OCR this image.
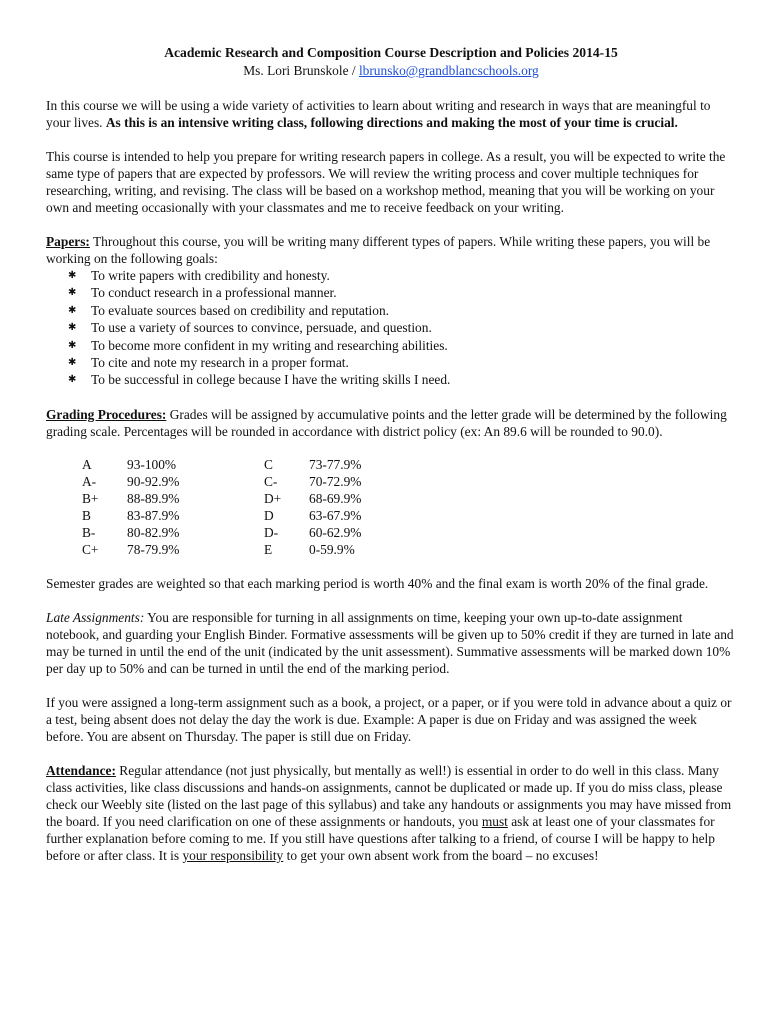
Academic Research and Composition Course Description and Policies 2014-15
Ms. Lori Brunskole / lbrunsko@grandblancschools.org

In this course we will be using a wide variety of activities to learn about writing and research in ways that are meaningful to your lives. As this is an intensive writing class, following directions and making the most of your time is crucial.

This course is intended to help you prepare for writing research papers in college. As a result, you will be expected to write the same type of papers that are expected by professors. We will review the writing process and cover multiple techniques for researching, writing, and revising. The class will be based on a workshop method, meaning that you will be working on your own and meeting occasionally with your classmates and me to receive feedback on your writing.

Papers: Throughout this course, you will be writing many different types of papers. While writing these papers, you will be working on the following goals:

✱ To write papers with credibility and honesty.
✱ To conduct research in a professional manner.
✱ To evaluate sources based on credibility and reputation.
✱ To use a variety of sources to convince, persuade, and question.
✱ To become more confident in my writing and researching abilities.
✱ To cite and note my research in a proper format.
✱ To be successful in college because I have the writing skills I need.

Grading Procedures: Grades will be assigned by accumulative points and the letter grade will be determined by the following grading scale. Percentages will be rounded in accordance with district policy (ex: An 89.6 will be rounded to 90.0).

A	93-100%	C	73-77.9%
A-	90-92.9%	C-	70-72.9%
B+	88-89.9%	D+	68-69.9%
B	83-87.9%	D	63-67.9%
B-	80-82.9%	D-	60-62.9%
C+	78-79.9%	E	0-59.9%

Semester grades are weighted so that each marking period is worth 40% and the final exam is worth 20% of the final grade.

Late Assignments: You are responsible for turning in all assignments on time, keeping your own up-to-date assignment notebook, and guarding your English Binder. Formative assessments will be given up to 50% credit if they are turned in late and may be turned in until the end of the unit (indicated by the unit assessment). Summative assessments will be marked down 10% per day up to 50% and can be turned in until the end of the marking period.

If you were assigned a long-term assignment such as a book, a project, or a paper, or if you were told in advance about a quiz or a test, being absent does not delay the day the work is due. Example: A paper is due on Friday and was assigned the week before. You are absent on Thursday. The paper is still due on Friday.

Attendance: Regular attendance (not just physically, but mentally as well!) is essential in order to do well in this class. Many class activities, like class discussions and hands-on assignments, cannot be duplicated or made up. If you do miss class, please check our Weebly site (listed on the last page of this syllabus) and take any handouts or assignments you may have missed from the board. If you need clarification on one of these assignments or handouts, you must ask at least one of your classmates for further explanation before coming to me. If you still have questions after talking to a friend, of course I will be happy to help before or after class. It is your responsibility to get your own absent work from the board – no excuses!
